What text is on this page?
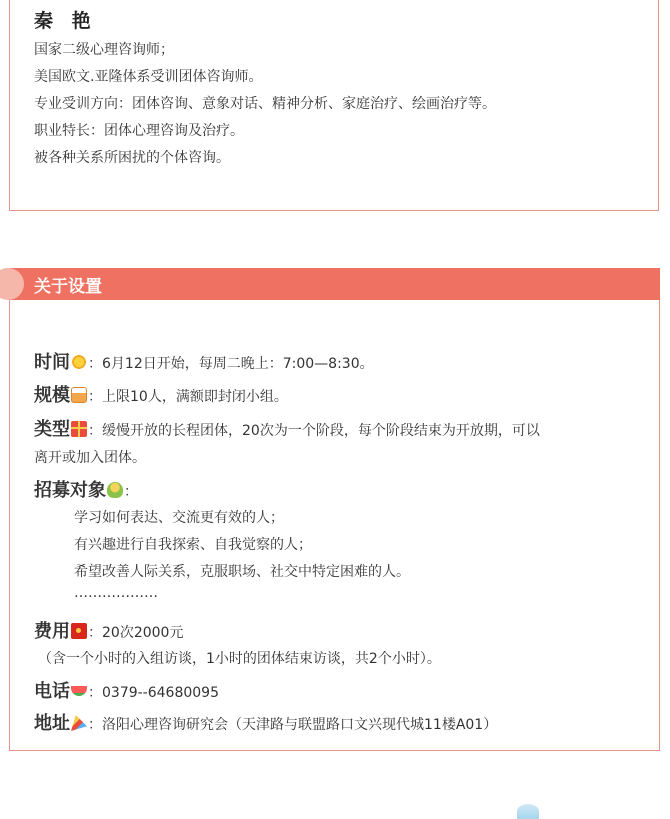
秦 艳
国家二级心理咨询师；
美国欧文.亚隆体系受训团体咨询师。
专业受训方向：团体咨询、意象对话、精神分析、家庭治疗、绘画治疗等。
职业特长：团体心理咨询及治疗。
被各种关系所困扰的个体咨询。
关于设置
时间 ：6月12日开始，每周二晚上：7:00—8:30。
规模 ：上限10人，满额即封闭小组。
类型 ：缓慢开放的长程团体，20次为一个阶段，每个阶段结束为开放期，可以
离开或加入团体。
招募对象 ：
学习如何表达、交流更有效的人；
有兴趣进行自我探索、自我觉察的人；
希望改善人际关系，克服职场、社交中特定困难的人。
………………
费用 ：20次2000元
（含一个小时的入组访谈，1小时的团体结束访谈，共2个小时）。
电话 ：0379--64680095
地址 ：洛阳心理咨询研究会（天津路与联盟路口文兴现代城11楼A01）
